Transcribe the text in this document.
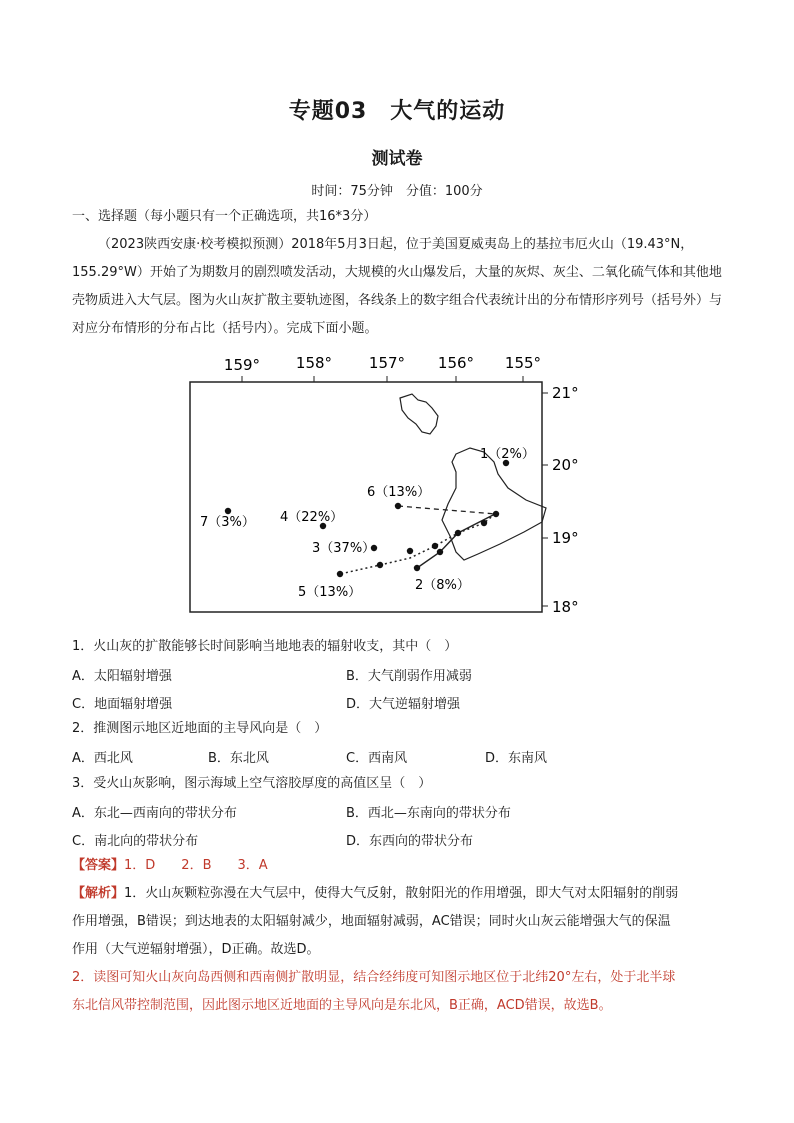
专题03　大气的运动
测试卷
时间：75分钟　分值：100分
一、选择题（每小题只有一个正确选项，共16*3分）
（2023陕西安康·校考模拟预测）2018年5月3日起，位于美国夏威夷岛上的基拉韦厄火山（19.43°N，155.29°W）开始了为期数月的剧烈喷发活动，大规模的火山爆发后，大量的灰烬、灰尘、二氧化硫气体和其他地壳物质进入大气层。图为火山灰扩散主要轨迹图，各线条上的数字组合代表统计出的分布情形序列号（括号外）与对应分布情形的分布占比（括号内）。完成下面小题。
159° 158° 157° 156° 155°
21°
20°
19°
18°
1（2%）
2（8%）
3（37%）
4（22%）
5（13%）
6（13%）
7（3%）
1．火山灰的扩散能够长时间影响当地地表的辐射收支，其中（　）
A．太阳辐射增强	B．大气削弱作用减弱
C．地面辐射增强	D．大气逆辐射增强
2．推测图示地区近地面的主导风向是（　）
A．西北风	B．东北风	C．西南风	D．东南风
3．受火山灰影响，图示海域上空气溶胶厚度的高值区呈（　）
A．东北—西南向的带状分布	B．西北—东南向的带状分布
C．南北向的带状分布	D．东西向的带状分布
【答案】1．D　　2．B　　3．A
【解析】1．火山灰颗粒弥漫在大气层中，使得大气反射，散射阳光的作用增强，即大气对太阳辐射的削弱
作用增强，B错误；到达地表的太阳辐射减少，地面辐射减弱，AC错误；同时火山灰云能增强大气的保温
作用（大气逆辐射增强），D正确。故选D。
2．读图可知火山灰向岛西侧和西南侧扩散明显，结合经纬度可知图示地区位于北纬20°左右，处于北半球
东北信风带控制范围，因此图示地区近地面的主导风向是东北风，B正确，ACD错误，故选B。
